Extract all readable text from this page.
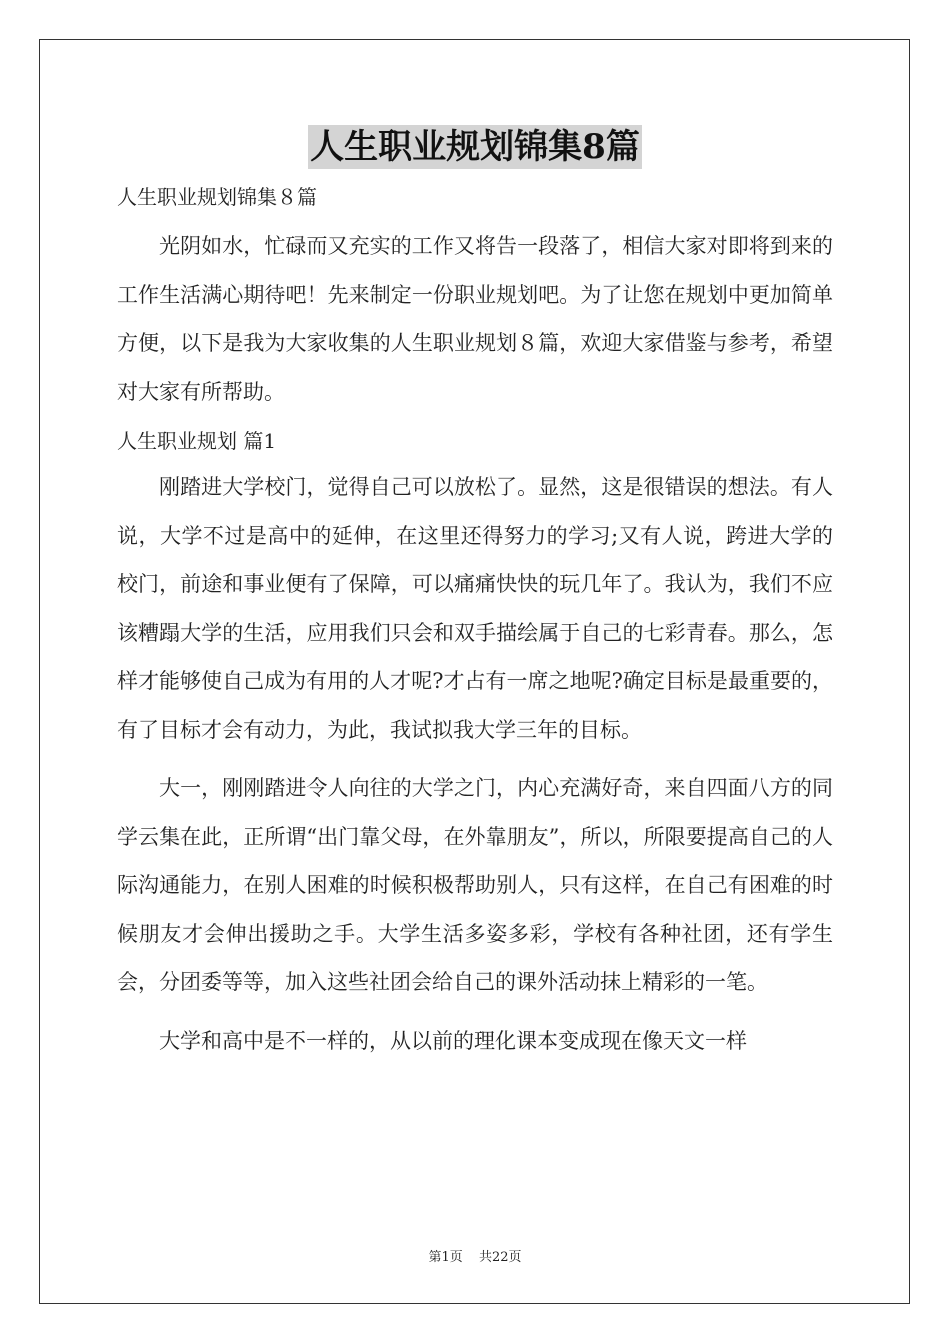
人生职业规划锦集8篇
人生职业规划锦集８篇
光阴如水，忙碌而又充实的工作又将告一段落了，相信大家对即将到来的工作生活满心期待吧！先来制定一份职业规划吧。为了让您在规划中更加简单方便，以下是我为大家收集的人生职业规划８篇，欢迎大家借鉴与参考，希望对大家有所帮助。
人生职业规划 篇1
刚踏进大学校门，觉得自己可以放松了。显然，这是很错误的想法。有人说，大学不过是高中的延伸，在这里还得努力的学习;又有人说，跨进大学的校门，前途和事业便有了保障，可以痛痛快快的玩几年了。我认为，我们不应该糟蹋大学的生活，应用我们只会和双手描绘属于自己的七彩青春。那么，怎样才能够使自己成为有用的人才呢?才占有一席之地呢?确定目标是最重要的，有了目标才会有动力，为此，我试拟我大学三年的目标。
大一，刚刚踏进令人向往的大学之门，内心充满好奇，来自四面八方的同学云集在此，正所谓“出门靠父母，在外靠朋友”，所以，所限要提高自己的人际沟通能力，在别人困难的时候积极帮助别人，只有这样，在自己有困难的时候朋友才会伸出援助之手。大学生活多姿多彩，学校有各种社团，还有学生会，分团委等等，加入这些社团会给自己的课外活动抹上精彩的一笔。
大学和高中是不一样的，从以前的理化课本变成现在像天文一样
第1页 共22页
